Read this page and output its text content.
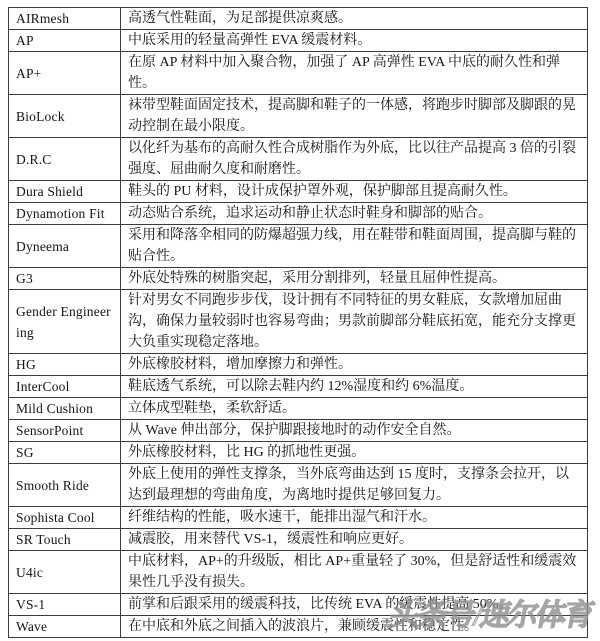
AIRmesh	高透气性鞋面，为足部提供凉爽感。
AP	中底采用的轻量高弹性 EVA 缓震材料。
AP+	在原 AP 材料中加入聚合物，加强了 AP 高弹性 EVA 中底的耐久性和弹性。
BioLock	袜带型鞋面固定技术，提高脚和鞋子的一体感，将跑步时脚部及脚跟的晃动控制在最小限度。
D.R.C	以化纤为基布的高耐久性合成树脂作为外底，比以往产品提高 3 倍的引裂强度、屈曲耐久度和耐磨性。
Dura Shield	鞋头的 PU 材料，设计成保护罩外观，保护脚部且提高耐久性。
Dynamotion Fit	动态贴合系统，追求运动和静止状态时鞋身和脚部的贴合。
Dyneema	采用和降落伞相同的防爆超强力线，用在鞋带和鞋面周围，提高脚与鞋的贴合性。
G3	外底处特殊的树脂突起，采用分割排列，轻量且屈伸性提高。
Gender Engineering	针对男女不同跑步步伐，设计拥有不同特征的男女鞋底，女款增加屈曲沟，确保力量较弱时也容易弯曲；男款前脚部分鞋底拓宽，能充分支撑更大负重实现稳定落地。
HG	外底橡胶材料，增加摩擦力和弹性。
InterCool	鞋底透气系统，可以除去鞋内约 12%湿度和约 6%温度。
Mild Cushion	立体成型鞋垫，柔软舒适。
SensorPoint	从 Wave 伸出部分，保护脚跟接地时的动作安全自然。
SG	外底橡胶材料，比 HG 的抓地性更强。
Smooth Ride	外底上使用的弹性支撑条，当外底弯曲达到 15 度时，支撑条会拉开，以达到最理想的弯曲角度，为离地时提供足够回复力。
Sophista Cool	纤维结构的性能，吸水速干，能排出湿气和汗水。
SR Touch	减震胶，用来替代 VS-1，缓震性和响应更好。
U4ic	中底材料，AP+的升级版，相比 AP+重量轻了 30%，但是舒适性和缓震效果性几乎没有损失。
VS-1	前掌和后跟采用的缓震科技，比传统 EVA 的缓震性提高 50%。
Wave	在中底和外底之间插入的波浪片，兼顾缓震性和稳定性。
头条号/速尔体育
